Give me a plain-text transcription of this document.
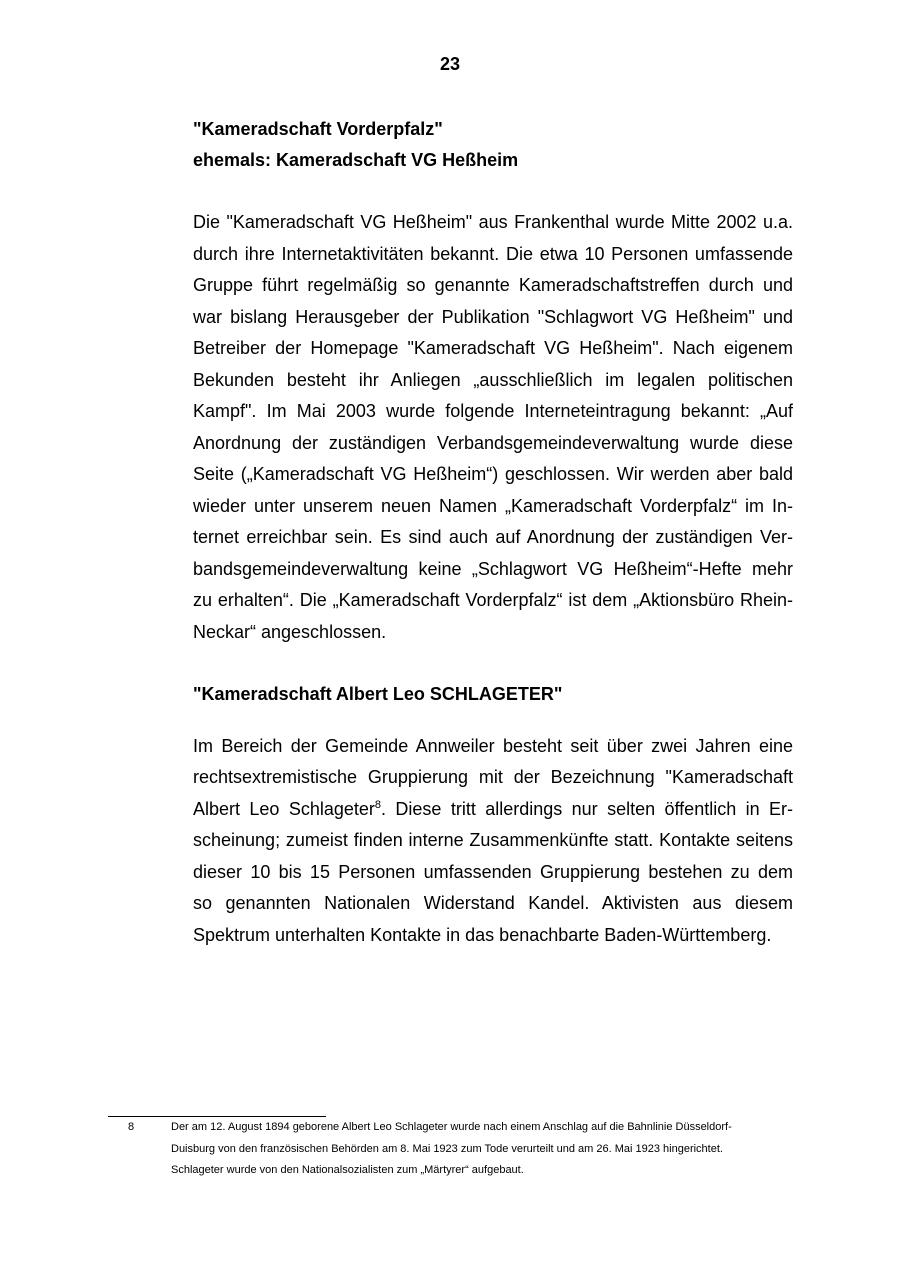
23
"Kameradschaft Vorderpfalz"
ehemals: Kameradschaft VG Heßheim
Die "Kameradschaft VG Heßheim" aus Frankenthal wurde Mitte 2002 u.a.
durch ihre Internetaktivitäten bekannt. Die etwa 10 Personen umfassende
Gruppe führt regelmäßig so genannte Kameradschaftstreffen durch und
war bislang Herausgeber der Publikation "Schlagwort VG Heßheim" und
Betreiber der Homepage "Kameradschaft VG Heßheim". Nach eigenem
Bekunden besteht ihr Anliegen „ausschließlich im legalen politischen
Kampf". Im Mai 2003 wurde folgende Interneteintragung bekannt: „Auf
Anordnung der zuständigen Verbandsgemeindeverwaltung wurde diese
Seite („Kameradschaft VG Heßheim“) geschlossen. Wir werden aber bald
wieder unter unserem neuen Namen „Kameradschaft Vorderpfalz“ im In-
ternet erreichbar sein. Es sind auch auf Anordnung der zuständigen Ver-
bandsgemeindeverwaltung keine „Schlagwort VG Heßheim“-Hefte mehr
zu erhalten“. Die „Kameradschaft Vorderpfalz“ ist dem „Aktionsbüro Rhein-
Neckar“ angeschlossen.
"Kameradschaft Albert Leo SCHLAGETER"
Im Bereich der Gemeinde Annweiler besteht seit über zwei Jahren eine
rechtsextremistische Gruppierung mit der Bezeichnung "Kameradschaft
Albert Leo Schlageter$^8$. Diese tritt allerdings nur selten öffentlich in Er-
scheinung; zumeist finden interne Zusammenkünfte statt. Kontakte seitens
dieser 10 bis 15 Personen umfassenden Gruppierung bestehen zu dem
so genannten Nationalen Widerstand Kandel. Aktivisten aus diesem
Spektrum unterhalten Kontakte in das benachbarte Baden-Württemberg.
8	Der am 12. August 1894 geborene Albert Leo Schlageter wurde nach einem Anschlag auf die Bahnlinie Düsseldorf-
Duisburg von den französischen Behörden am 8. Mai 1923 zum Tode verurteilt und am 26. Mai 1923 hingerichtet.
Schlageter wurde von den Nationalsozialisten zum „Märtyrer“ aufgebaut.
